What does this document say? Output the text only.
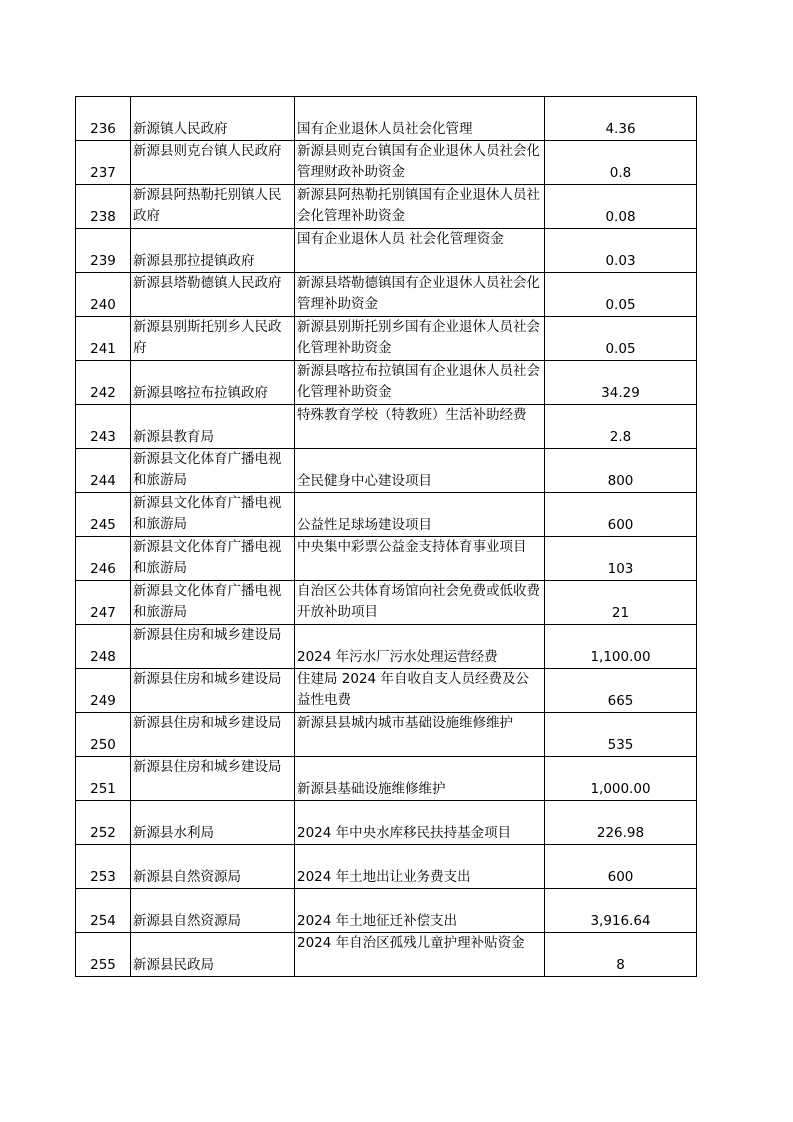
236	新源镇人民政府	国有企业退休人员社会化管理	4.36
237	新源县则克台镇人民政府	新源县则克台镇国有企业退休人员社会化管理财政补助资金	0.8
238	新源县阿热勒托别镇人民政府	新源县阿热勒托别镇国有企业退休人员社会化管理补助资金	0.08
239	新源县那拉提镇政府	国有企业退休人员 社会化管理资金	0.03
240	新源县塔勒德镇人民政府	新源县塔勒德镇国有企业退休人员社会化管理补助资金	0.05
241	新源县别斯托别乡人民政府	新源县别斯托别乡国有企业退休人员社会化管理补助资金	0.05
242	新源县喀拉布拉镇政府	新源县喀拉布拉镇国有企业退休人员社会化管理补助资金	34.29
243	新源县教育局	特殊教育学校（特教班）生活补助经费	2.8
244	新源县文化体育广播电视和旅游局	全民健身中心建设项目	800
245	新源县文化体育广播电视和旅游局	公益性足球场建设项目	600
246	新源县文化体育广播电视和旅游局	中央集中彩票公益金支持体育事业项目	103
247	新源县文化体育广播电视和旅游局	自治区公共体育场馆向社会免费或低收费开放补助项目	21
248	新源县住房和城乡建设局	2024 年污水厂污水处理运营经费	1,100.00
249	新源县住房和城乡建设局	住建局 2024 年自收自支人员经费及公益性电费	665
250	新源县住房和城乡建设局	新源县县城内城市基础设施维修维护	535
251	新源县住房和城乡建设局	新源县基础设施维修维护	1,000.00
252	新源县水利局	2024 年中央水库移民扶持基金项目	226.98
253	新源县自然资源局	2024 年土地出让业务费支出	600
254	新源县自然资源局	2024 年土地征迁补偿支出	3,916.64
255	新源县民政局	2024 年自治区孤残儿童护理补贴资金	8
